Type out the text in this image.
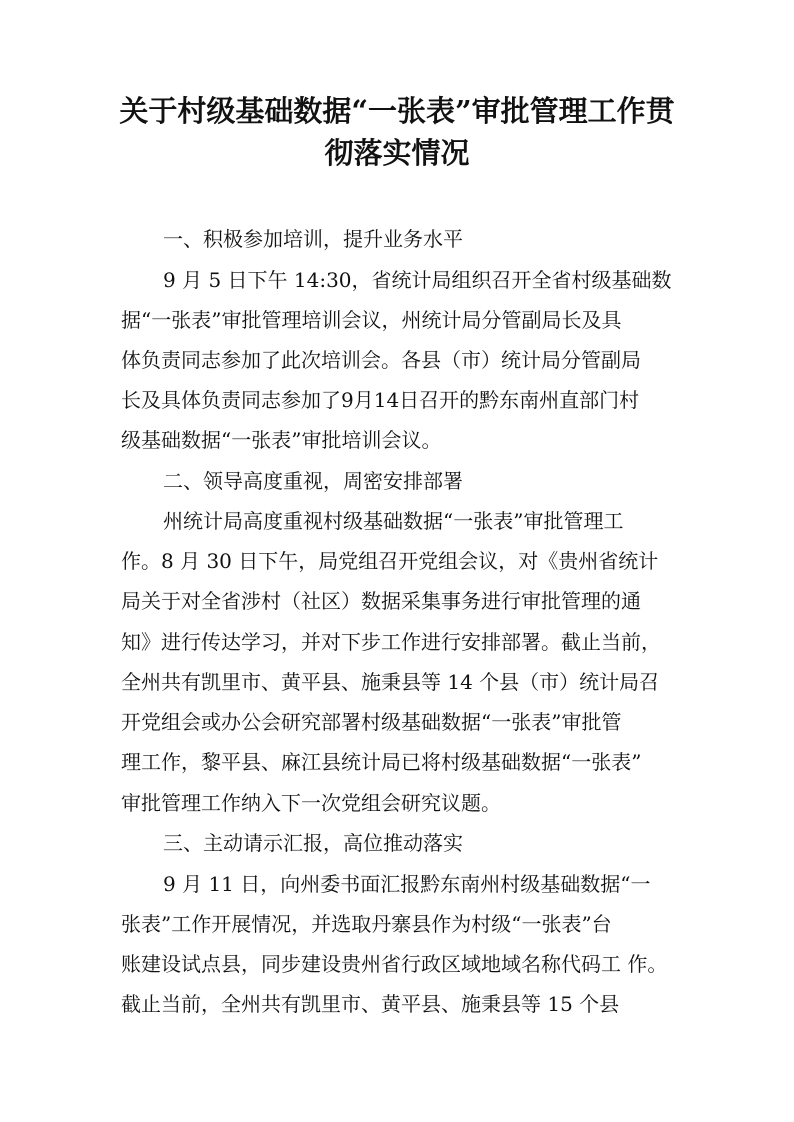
关于村级基础数据“一张表”审批管理工作贯
彻落实情况
一、积极参加培训，提升业务水平
9 月 5 日下午 14:30，省统计局组织召开全省村级基础数
据“一张表”审批管理培训会议，州统计局分管副局长及具
体负责同志参加了此次培训会。各县（市）统计局分管副局
长及具体负责同志参加了9月14日召开的黔东南州直部门村
级基础数据“一张表”审批培训会议。
二、领导高度重视，周密安排部署
州统计局高度重视村级基础数据“一张表”审批管理工
作。8 月 30 日下午，局党组召开党组会议，对《贵州省统计
局关于对全省涉村（社区）数据采集事务进行审批管理的通
知》进行传达学习，并对下步工作进行安排部署。截止当前，
全州共有凯里市、黄平县、施秉县等 14 个县（市）统计局召
开党组会或办公会研究部署村级基础数据“一张表”审批管
理工作，黎平县、麻江县统计局已将村级基础数据“一张表”
审批管理工作纳入下一次党组会研究议题。
三、主动请示汇报，高位推动落实
9 月 11 日，向州委书面汇报黔东南州村级基础数据“一
张表”工作开展情况，并选取丹寨县作为村级“一张表”台
账建设试点县，同步建设贵州省行政区域地域名称代码工 作。
截止当前，全州共有凯里市、黄平县、施秉县等 15 个县
